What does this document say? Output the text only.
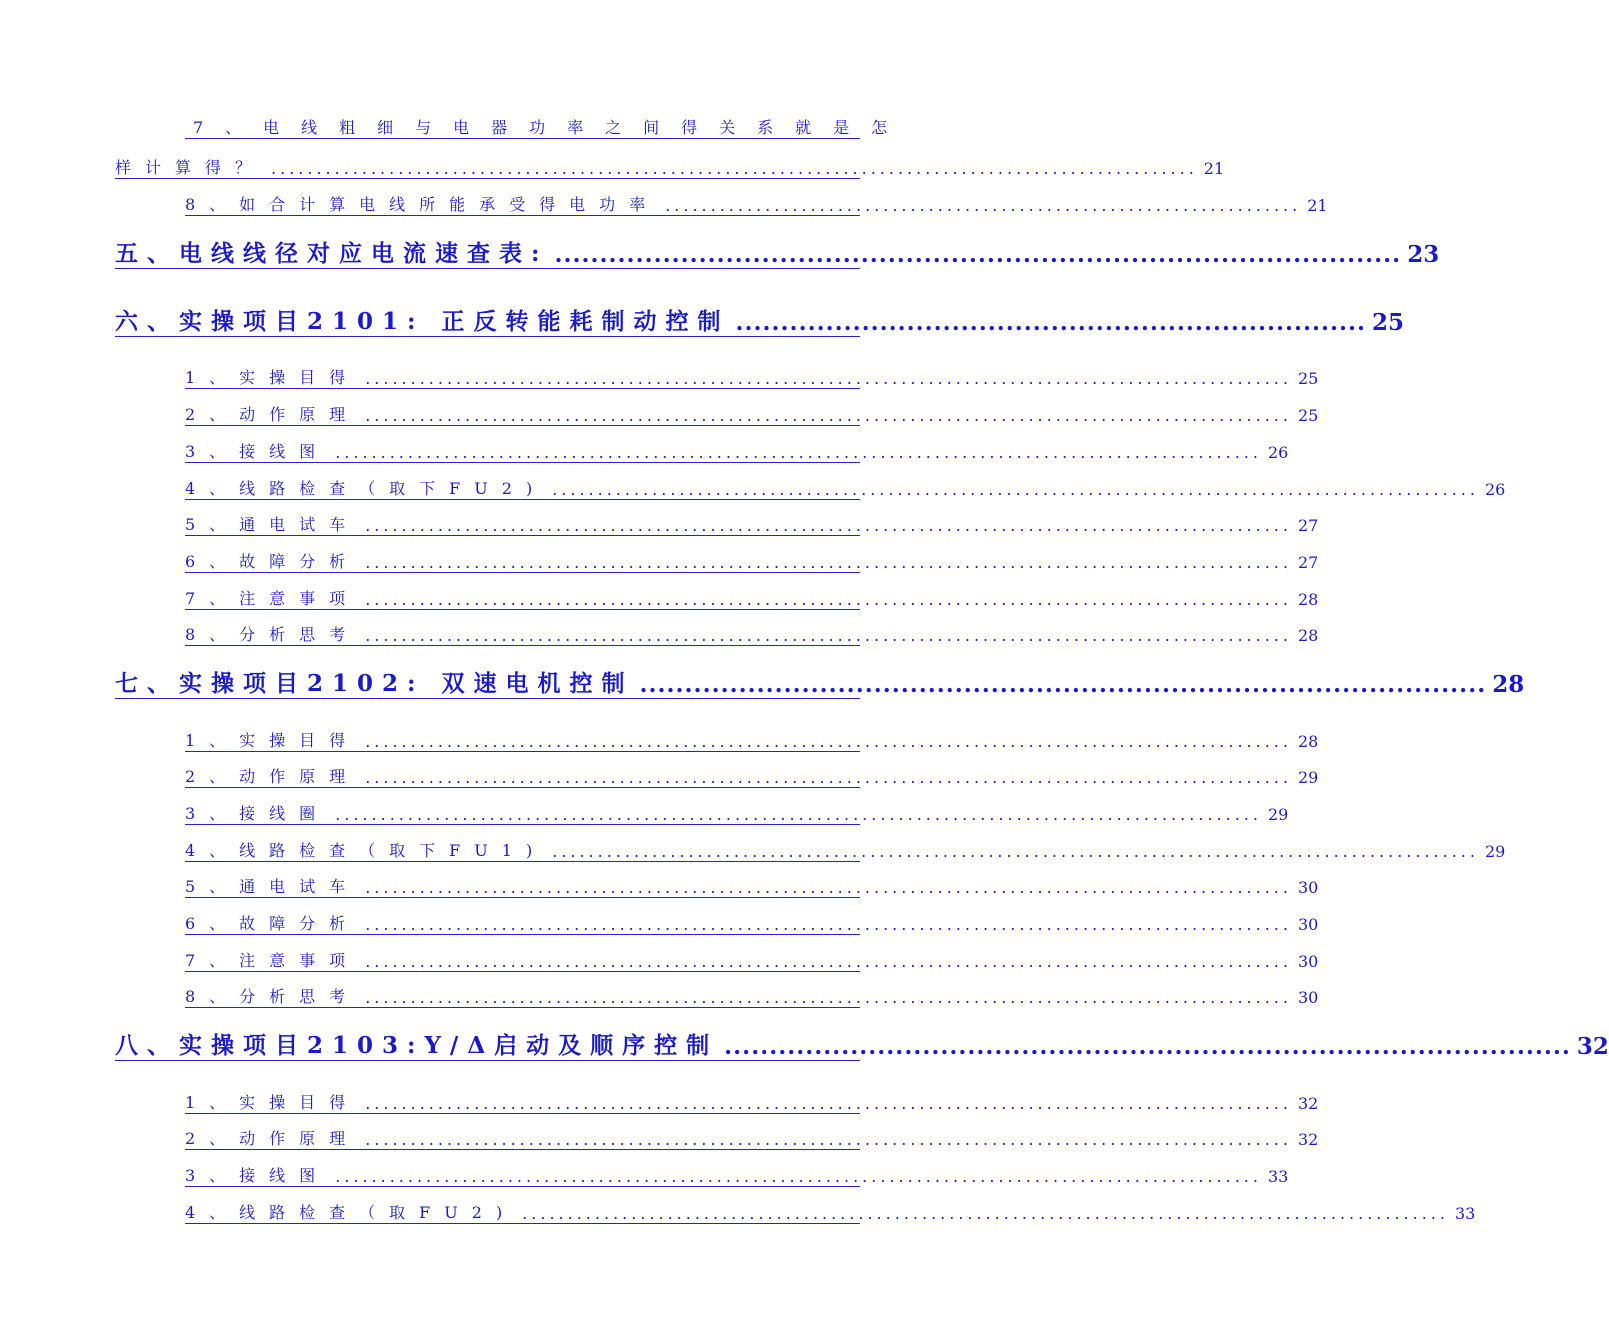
7、电线粗细与电器功率之间得关系就是怎
样计算得？ ...................................................................................................... 21
8、如合计算电线所能承受得电功率 ...................................................................... 21
五、电线线径对应电流速查表: .............................................................................................. 23
六、实操项目2101: 正反转能耗制动控制 ...................................................................... 25
1、实操目得 ...................................................................................................... 25
2、动作原理 ...................................................................................................... 25
3、接线图 ...................................................................................................... 26
4、线路检查（取下FU2) ...................................................................................................... 26
5、通电试车 ...................................................................................................... 27
6、故障分析 ...................................................................................................... 27
7、注意事项 ...................................................................................................... 28
8、分析思考 ...................................................................................................... 28
七、实操项目2102: 双速电机控制 .............................................................................................. 28
1、实操目得 ...................................................................................................... 28
2、动作原理 ...................................................................................................... 29
3、接线圈 ...................................................................................................... 29
4、线路检查（取下FU1) ...................................................................................................... 29
5、通电试车 ...................................................................................................... 30
6、故障分析 ...................................................................................................... 30
7、注意事项 ...................................................................................................... 30
8、分析思考 ...................................................................................................... 30
八、实操项目2103:Y/Δ启动及顺序控制 .............................................................................................. 32
1、实操目得 ...................................................................................................... 32
2、动作原理 ...................................................................................................... 32
3、接线图 ...................................................................................................... 33
4、线路检查（取FU2) ...................................................................................................... 33
